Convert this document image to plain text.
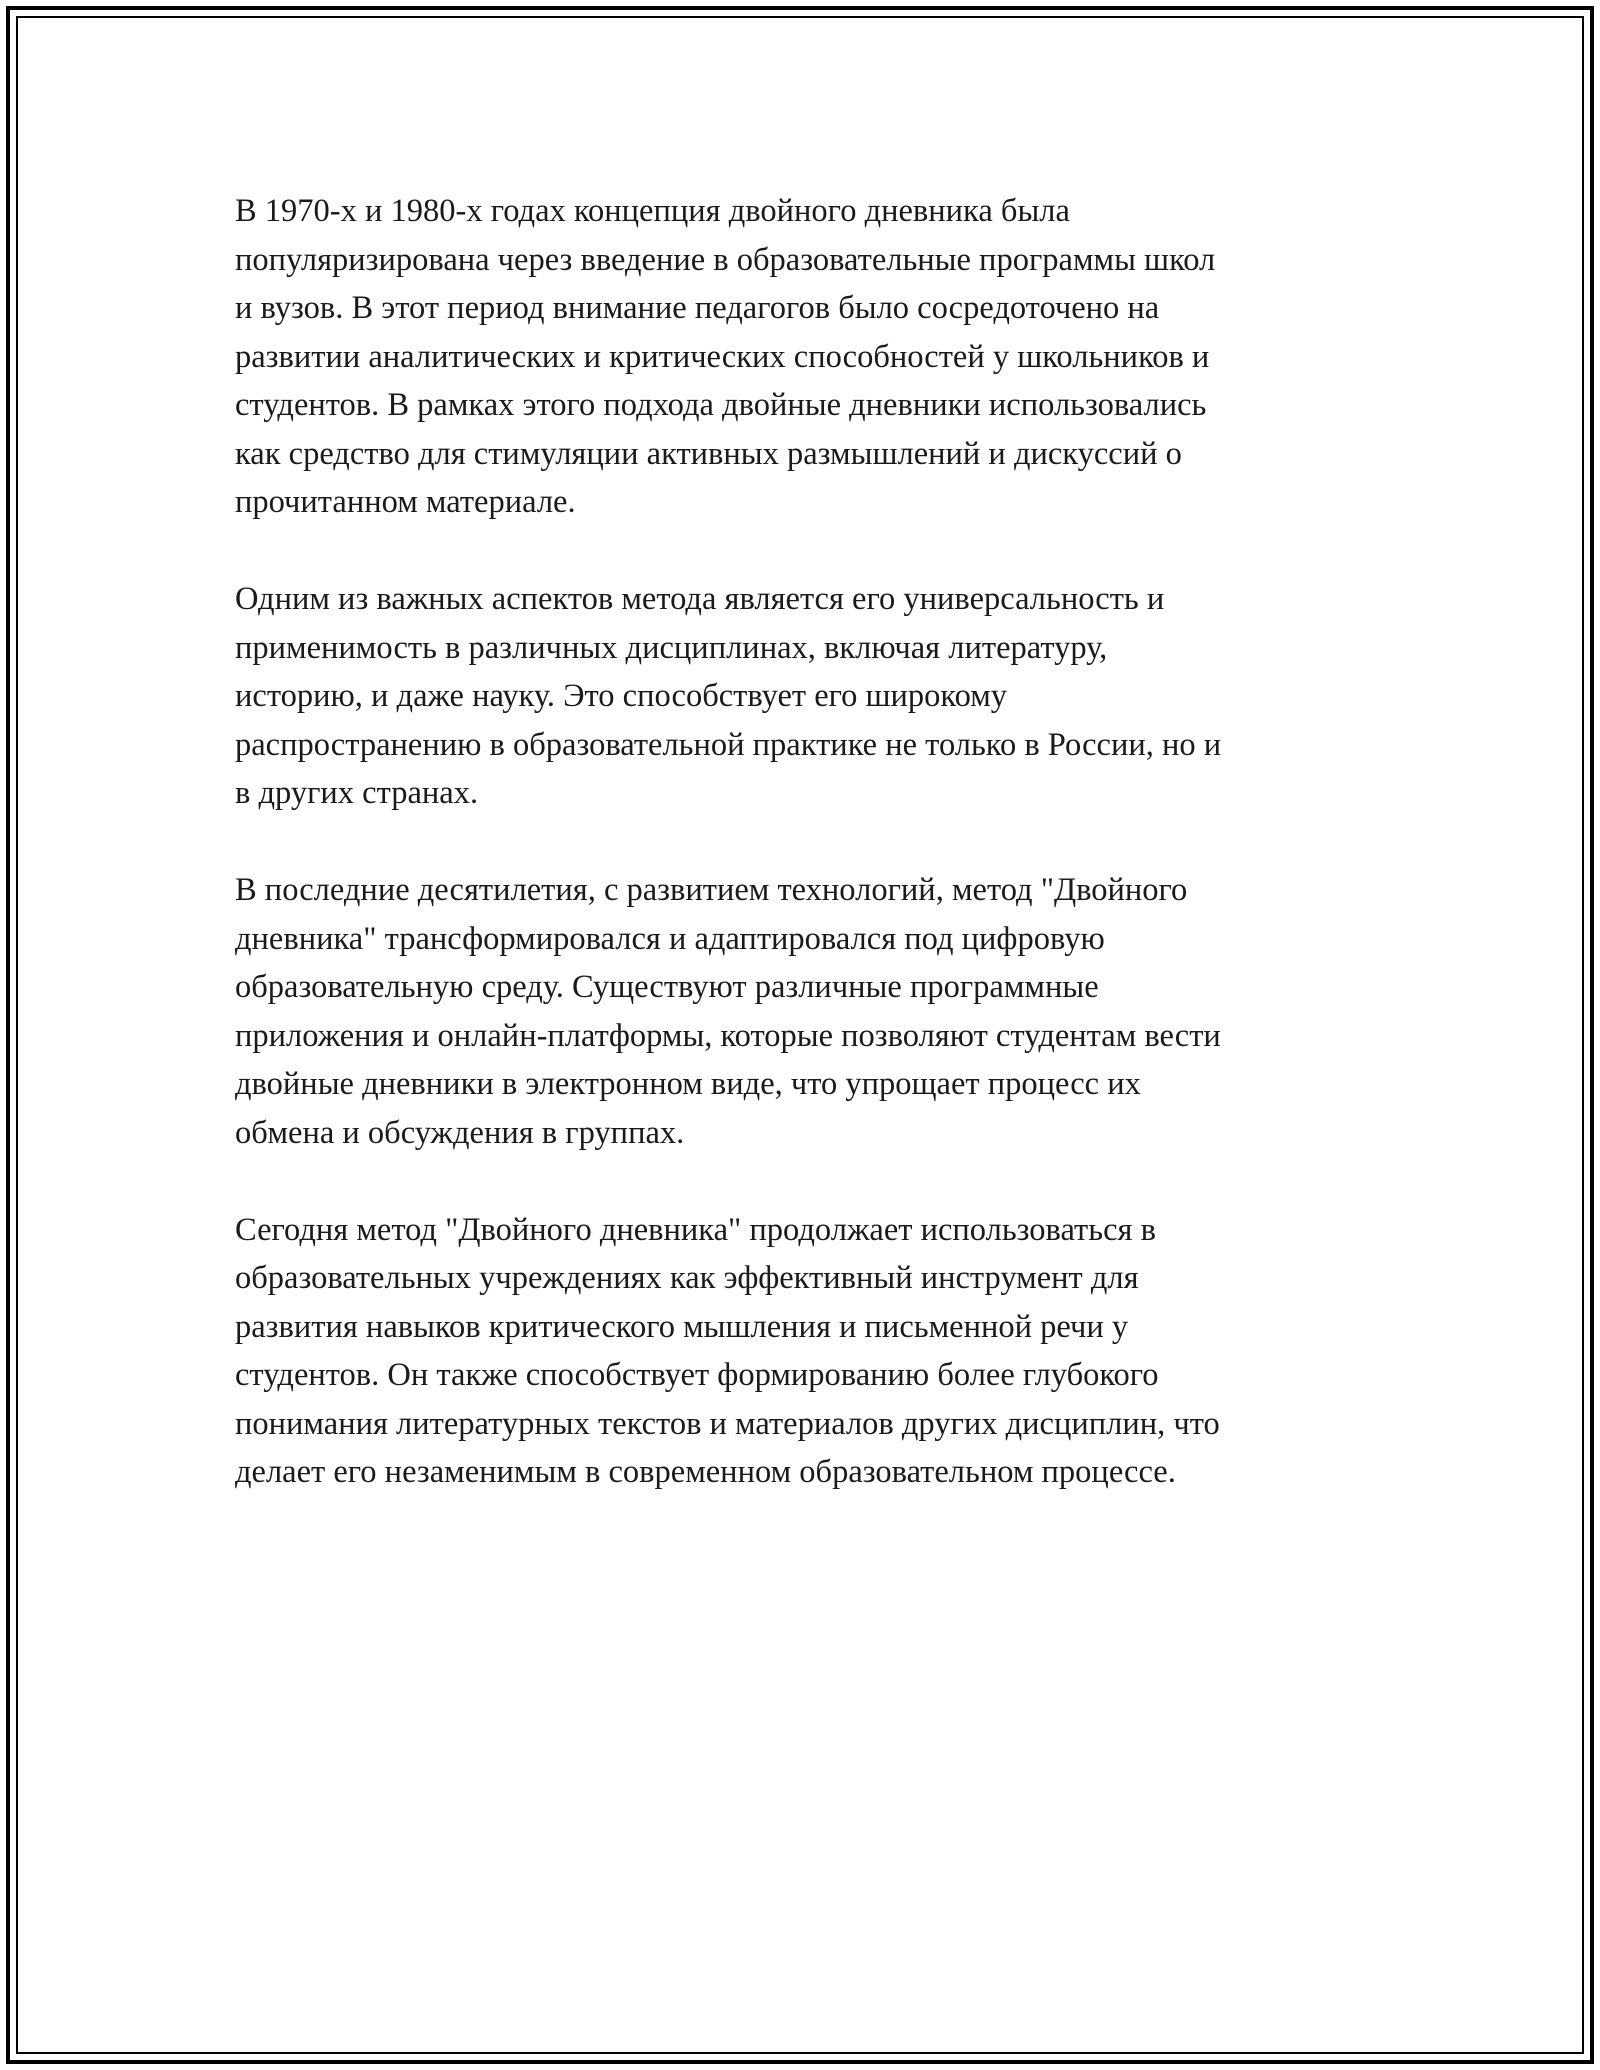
В 1970-х и 1980-х годах концепция двойного дневника была
популяризирована через введение в образовательные программы школ
и вузов. В этот период внимание педагогов было сосредоточено на
развитии аналитических и критических способностей у школьников и
студентов. В рамках этого подхода двойные дневники использовались
как средство для стимуляции активных размышлений и дискуссий о
прочитанном материале.

Одним из важных аспектов метода является его универсальность и
применимость в различных дисциплинах, включая литературу,
историю, и даже науку. Это способствует его широкому
распространению в образовательной практике не только в России, но и
в других странах.

В последние десятилетия, с развитием технологий, метод "Двойного
дневника" трансформировался и адаптировался под цифровую
образовательную среду. Существуют различные программные
приложения и онлайн-платформы, которые позволяют студентам вести
двойные дневники в электронном виде, что упрощает процесс их
обмена и обсуждения в группах.

Сегодня метод "Двойного дневника" продолжает использоваться в
образовательных учреждениях как эффективный инструмент для
развития навыков критического мышления и письменной речи у
студентов. Он также способствует формированию более глубокого
понимания литературных текстов и материалов других дисциплин, что
делает его незаменимым в современном образовательном процессе.
